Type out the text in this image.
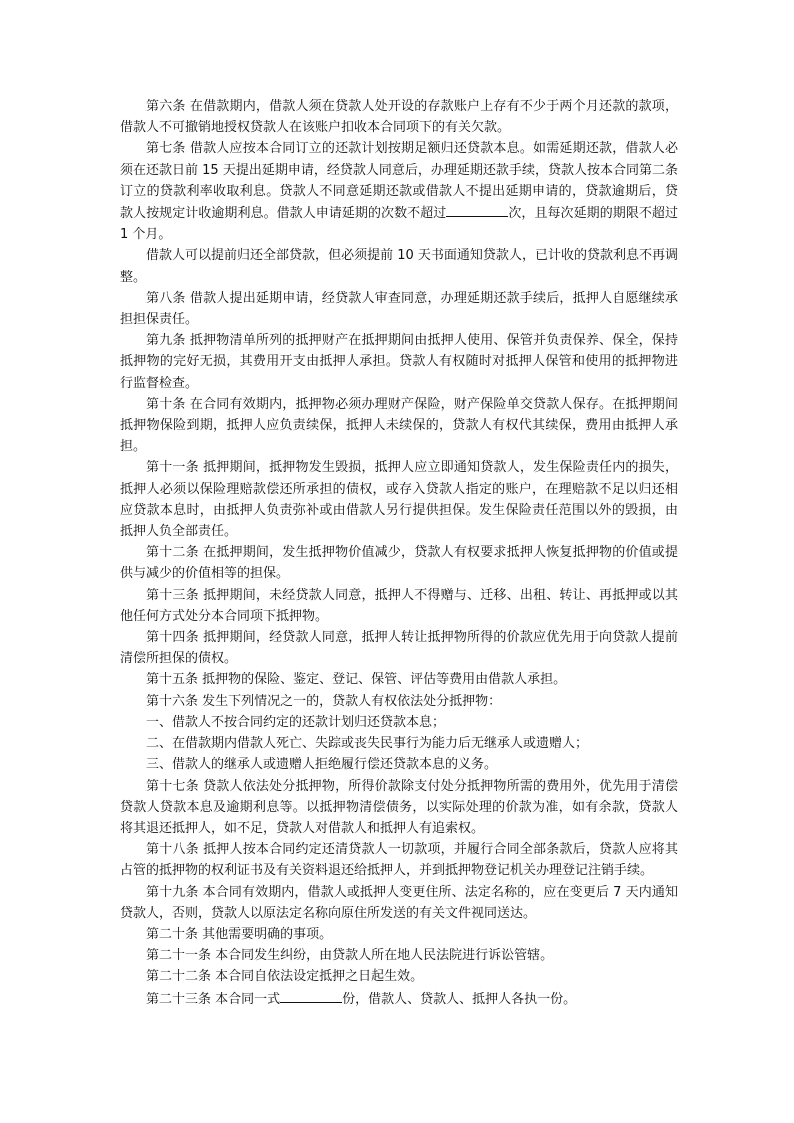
第六条 在借款期内，借款人须在贷款人处开设的存款账户上存有不少于两个月还款的款项，借款人不可撤销地授权贷款人在该账户扣收本合同项下的有关欠款。

第七条 借款人应按本合同订立的还款计划按期足额归还贷款本息。如需延期还款，借款人必须在还款日前 15 天提出延期申请，经贷款人同意后，办理延期还款手续，贷款人按本合同第二条订立的贷款利率收取利息。贷款人不同意延期还款或借款人不提出延期申请的，贷款逾期后，贷款人按规定计收逾期利息。借款人申请延期的次数不超过	次，且每次延期的期限不超过 1 个月。

借款人可以提前归还全部贷款，但必须提前 10 天书面通知贷款人，已计收的贷款利息不再调整。

第八条 借款人提出延期申请，经贷款人审查同意，办理延期还款手续后，抵押人自愿继续承担担保责任。

第九条 抵押物清单所列的抵押财产在抵押期间由抵押人使用、保管并负责保养、保全，保持抵押物的完好无损，其费用开支由抵押人承担。贷款人有权随时对抵押人保管和使用的抵押物进行监督检查。

第十条 在合同有效期内，抵押物必须办理财产保险，财产保险单交贷款人保存。在抵押期间抵押物保险到期，抵押人应负责续保，抵押人未续保的，贷款人有权代其续保，费用由抵押人承担。

第十一条 抵押期间，抵押物发生毁损，抵押人应立即通知贷款人，发生保险责任内的损失，抵押人必须以保险理赔款偿还所承担的债权，或存入贷款人指定的账户，在理赔款不足以归还相应贷款本息时，由抵押人负责弥补或由借款人另行提供担保。发生保险责任范围以外的毁损，由抵押人负全部责任。

第十二条 在抵押期间，发生抵押物价值减少，贷款人有权要求抵押人恢复抵押物的价值或提供与减少的价值相等的担保。

第十三条 抵押期间，未经贷款人同意，抵押人不得赠与、迁移、出租、转让、再抵押或以其他任何方式处分本合同项下抵押物。

第十四条 抵押期间，经贷款人同意，抵押人转让抵押物所得的价款应优先用于向贷款人提前清偿所担保的债权。

第十五条 抵押物的保险、鉴定、登记、保管、评估等费用由借款人承担。

第十六条 发生下列情况之一的，贷款人有权依法处分抵押物：

一、借款人不按合同约定的还款计划归还贷款本息；

二、在借款期内借款人死亡、失踪或丧失民事行为能力后无继承人或遗赠人；

三、借款人的继承人或遗赠人拒绝履行偿还贷款本息的义务。

第十七条 贷款人依法处分抵押物，所得价款除支付处分抵押物所需的费用外，优先用于清偿贷款人贷款本息及逾期利息等。以抵押物清偿债务，以实际处理的价款为准，如有余款，贷款人将其退还抵押人，如不足，贷款人对借款人和抵押人有追索权。

第十八条 抵押人按本合同约定还清贷款人一切款项，并履行合同全部条款后，贷款人应将其占管的抵押物的权利证书及有关资料退还给抵押人，并到抵押物登记机关办理登记注销手续。

第十九条 本合同有效期内，借款人或抵押人变更住所、法定名称的，应在变更后 7 天内通知贷款人，否则，贷款人以原法定名称向原住所发送的有关文件视同送达。

第二十条 其他需要明确的事项。

第二十一条 本合同发生纠纷，由贷款人所在地人民法院进行诉讼管辖。

第二十二条 本合同自依法设定抵押之日起生效。

第二十三条 本合同一式	份，借款人、贷款人、抵押人各执一份。
